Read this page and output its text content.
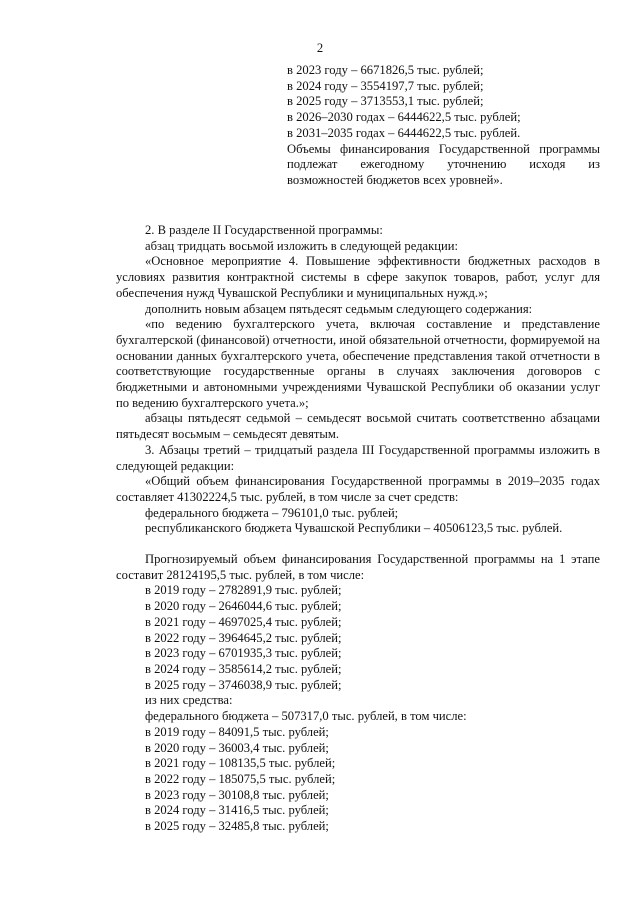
2
в 2023 году – 6671826,5 тыс. рублей;
в 2024 году – 3554197,7 тыс. рублей;
в 2025 году – 3713553,1 тыс. рублей;
в 2026–2030 годах – 6444622,5 тыс. рублей;
в 2031–2035 годах – 6444622,5 тыс. рублей.
Объемы финансирования Государственной программы подлежат ежегодному уточнению исходя из возможностей бюджетов всех уровней».

2. В разделе II Государственной программы:

абзац тридцать восьмой изложить в следующей редакции:

«Основное мероприятие 4. Повышение эффективности бюджетных расходов в условиях развития контрактной системы в сфере закупок товаров, работ, услуг для обеспечения нужд Чувашской Республики и муниципальных нужд.»;

дополнить новым абзацем пятьдесят седьмым следующего содержания:

«по ведению бухгалтерского учета, включая составление и представление бухгалтерской (финансовой) отчетности, иной обязательной отчетности, формируемой на основании данных бухгалтерского учета, обеспечение представления такой отчетности в соответствующие государственные органы в случаях заключения договоров с бюджетными и автономными учреждениями Чувашской Республики об оказании услуг по ведению бухгалтерского учета.»;

абзацы пятьдесят седьмой – семьдесят восьмой считать соответственно абзацами пятьдесят восьмым – семьдесят девятым.

3. Абзацы третий – тридцатый раздела III Государственной программы изложить в следующей редакции:

«Общий объем финансирования Государственной программы в 2019–2035 годах составляет 41302224,5 тыс. рублей, в том числе за счет средств:

федерального бюджета – 796101,0 тыс. рублей;

республиканского бюджета Чувашской Республики – 40506123,5 тыс. рублей.

Прогнозируемый объем финансирования Государственной программы на 1 этапе составит 28124195,5 тыс. рублей, в том числе:

в 2019 году – 2782891,9 тыс. рублей;
в 2020 году – 2646044,6 тыс. рублей;
в 2021 году – 4697025,4 тыс. рублей;
в 2022 году – 3964645,2 тыс. рублей;
в 2023 году – 6701935,3 тыс. рублей;
в 2024 году – 3585614,2 тыс. рублей;
в 2025 году – 3746038,9 тыс. рублей;

из них средства:

федерального бюджета – 507317,0 тыс. рублей, в том числе:

в 2019 году – 84091,5 тыс. рублей;
в 2020 году – 36003,4 тыс. рублей;
в 2021 году – 108135,5 тыс. рублей;
в 2022 году – 185075,5 тыс. рублей;
в 2023 году – 30108,8 тыс. рублей;
в 2024 году – 31416,5 тыс. рублей;
в 2025 году – 32485,8 тыс. рублей;
